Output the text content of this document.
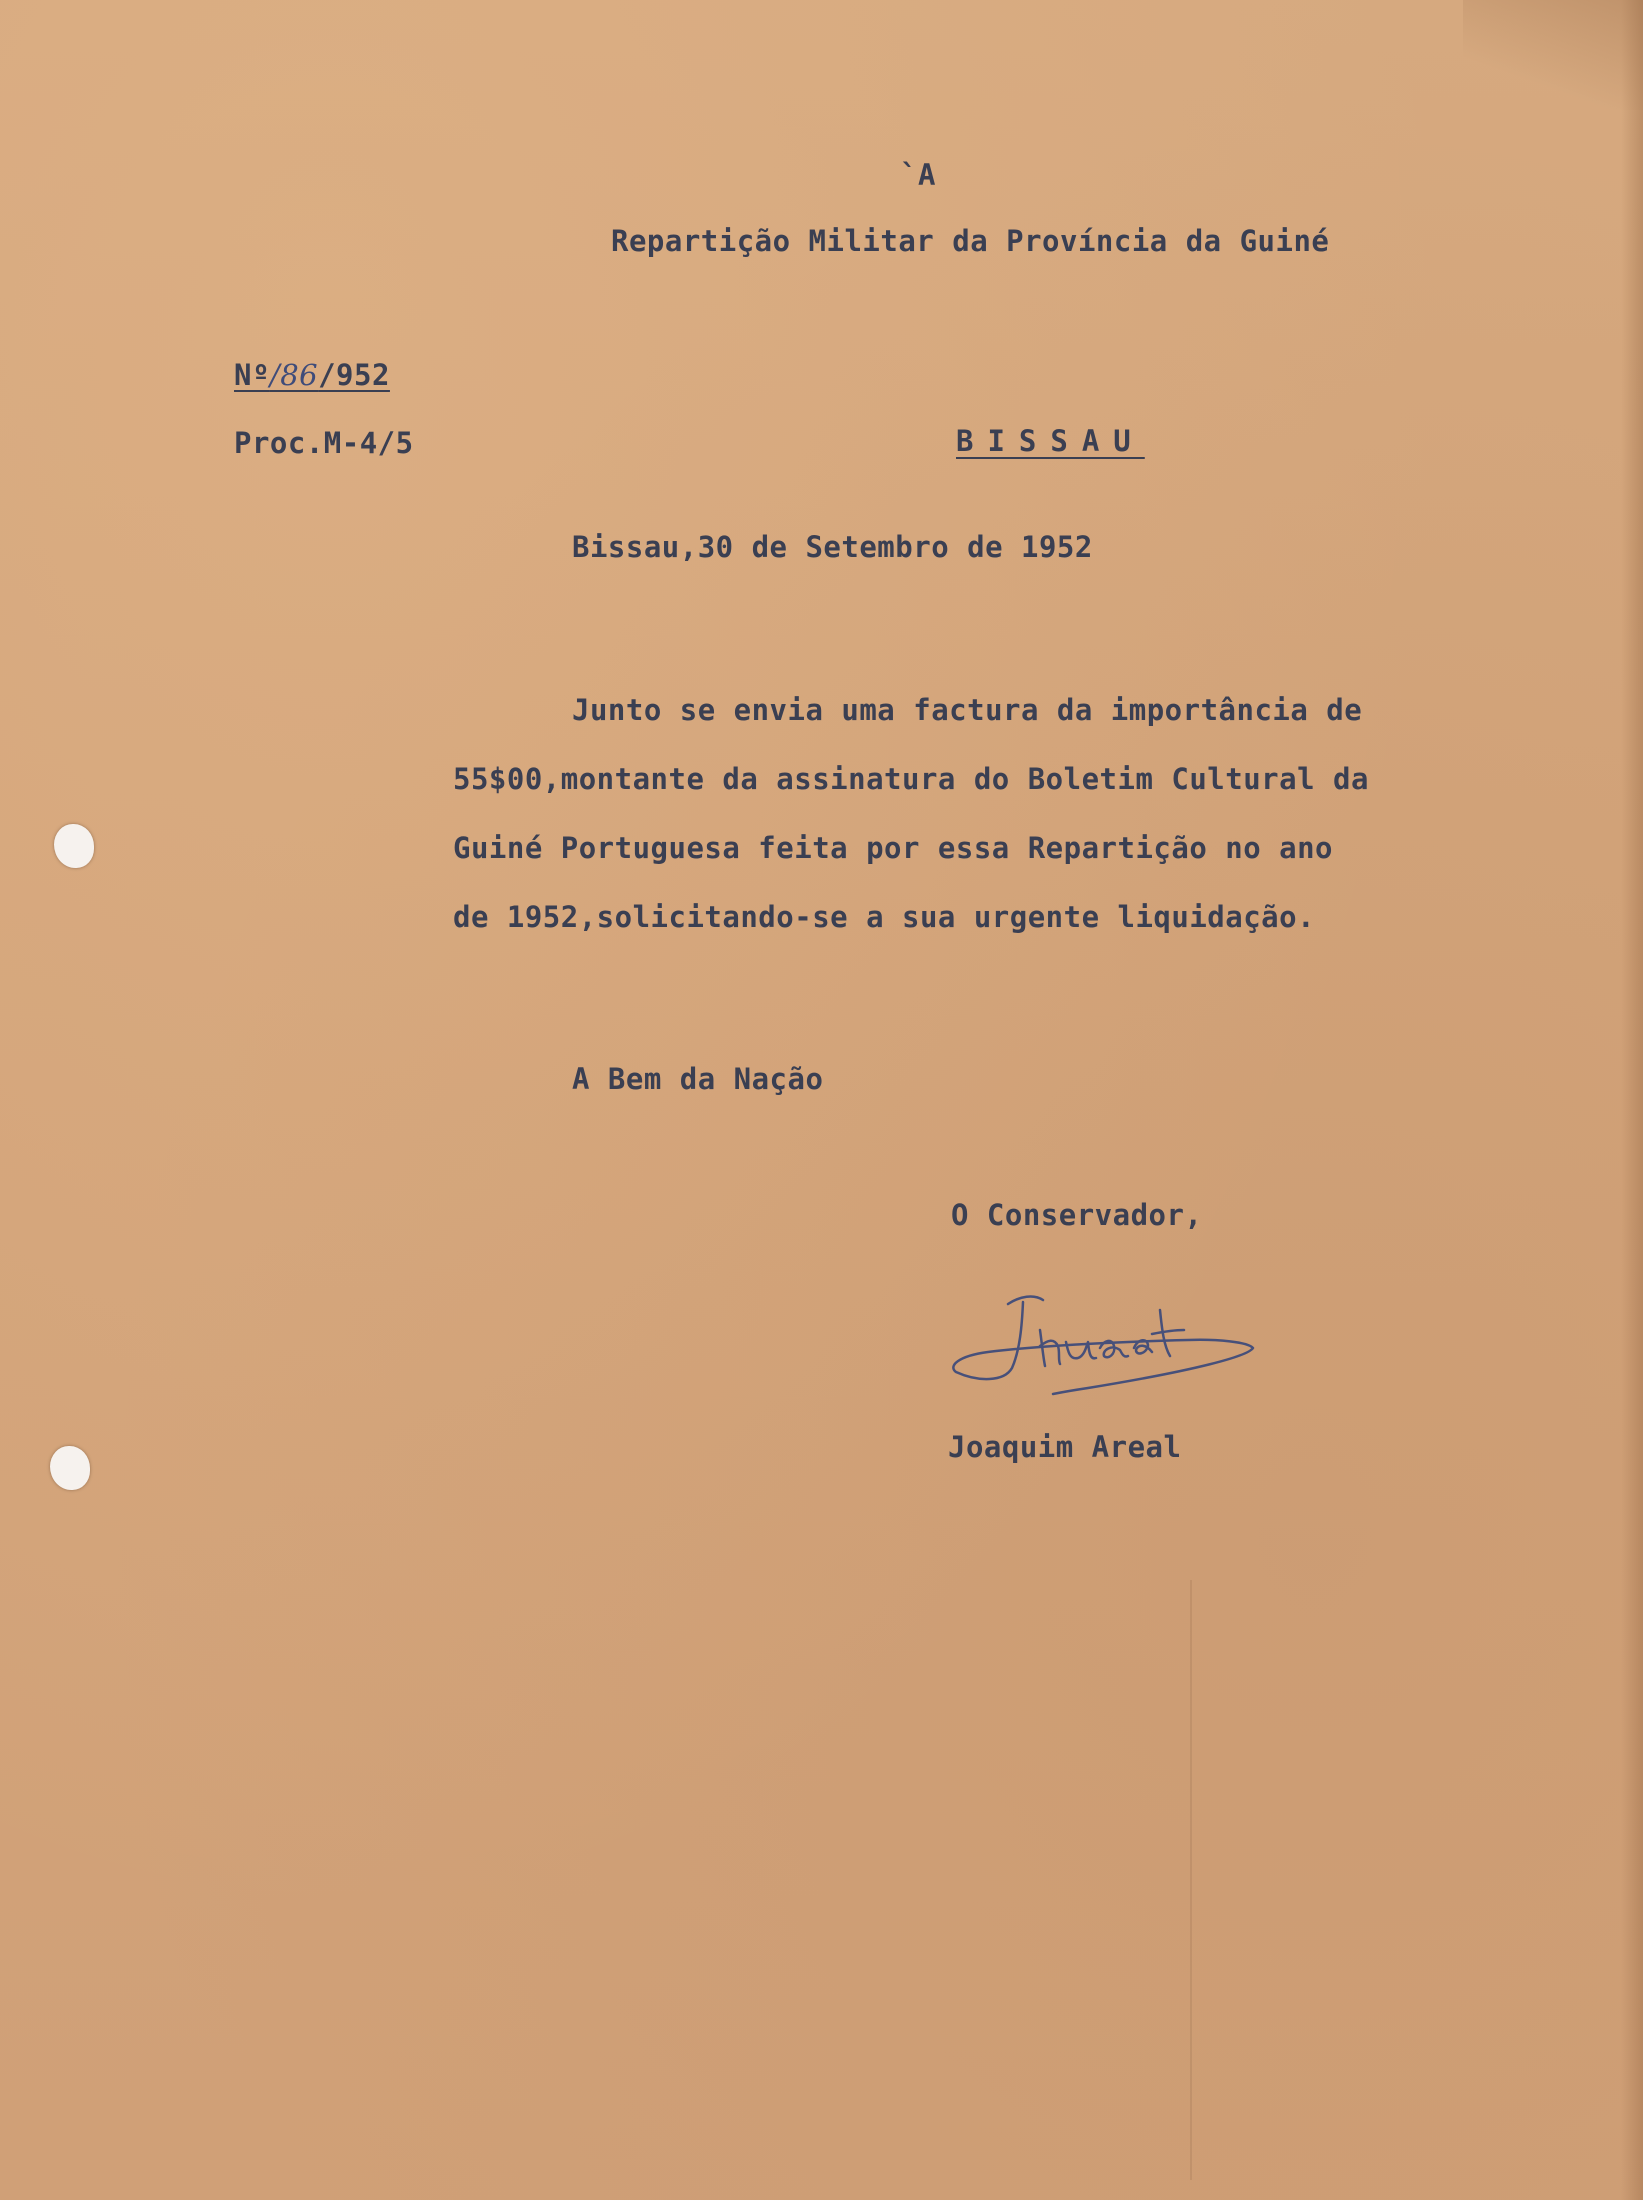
`A
Repartição Militar da Província da Guiné
Nº/86/952
Proc.M-4/5	BISSAU
Bissau,30 de Setembro de 1952
Junto se envia uma factura da importância de
55$00,montante da assinatura do Boletim Cultural da
Guiné Portuguesa feita por essa Repartição no ano
de 1952,solicitando-se a sua urgente liquidação.
A Bem da Nação
O Conservador,
Joaquim Areal
